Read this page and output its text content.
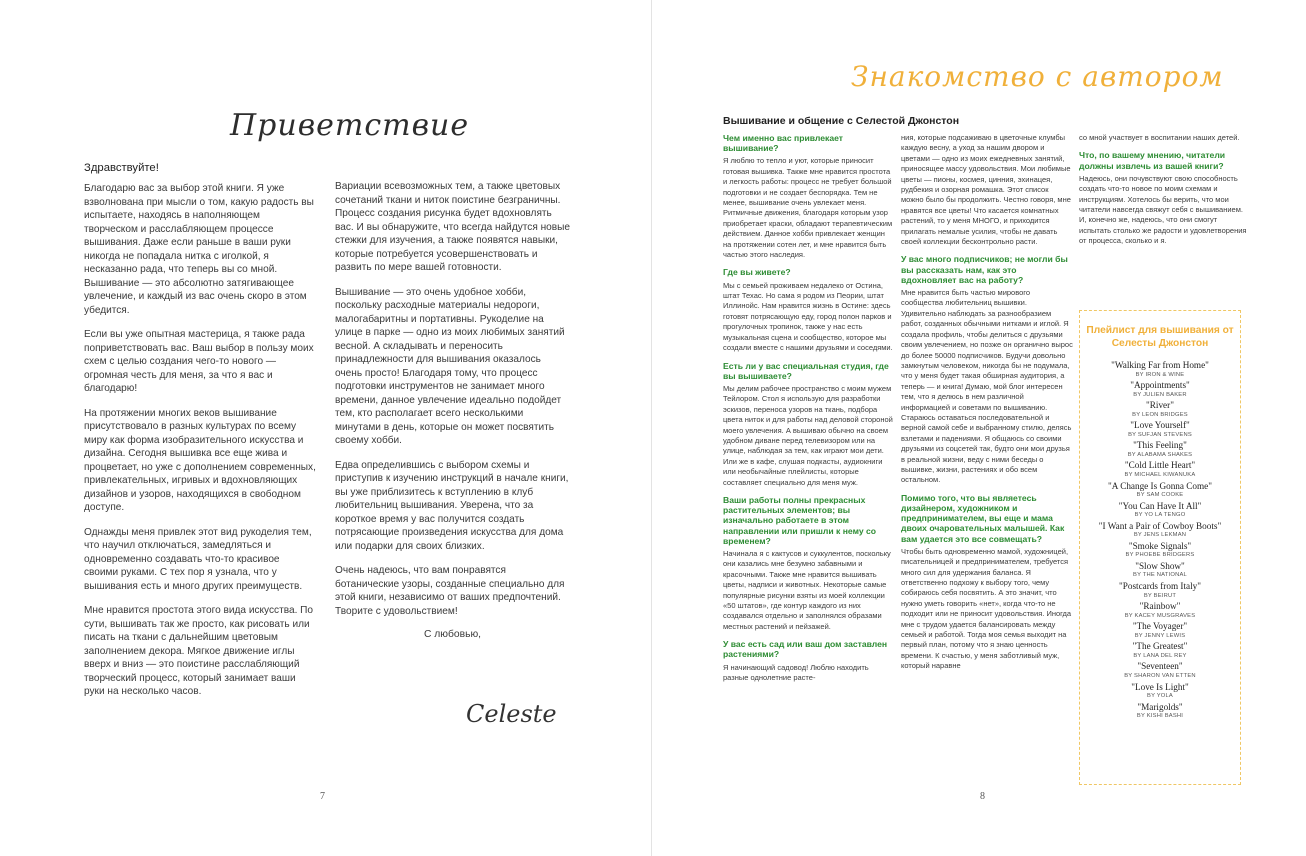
Приветствие
Здравствуйте!

Благодарю вас за выбор этой книги. Я уже взволнована при мысли о том, какую радость вы испытаете, находясь в наполняющем творческом и расслабляющем процессе вышивания. Даже если раньше в ваши руки никогда не попадала нитка с иголкой, я несказанно рада, что теперь вы со мной. Вышивание — это абсолютно затягивающее увлечение, и каждый из вас очень скоро в этом убедится.

Если вы уже опытная мастерица, я также рада поприветствовать вас. Ваш выбор в пользу моих схем с целью создания чего-то нового — огромная честь для меня, за что я вас и благодарю!

На протяжении многих веков вышивание присутствовало в разных культурах по всему миру как форма изобразительного искусства и дизайна. Сегодня вышивка все еще жива и процветает, но уже с дополнением современных, привлекательных, игривых и вдохновляющих дизайнов и узоров, находящихся в свободном доступе.

Однажды меня привлек этот вид рукоделия тем, что научил отключаться, замедляться и одновременно создавать что-то красивое своими руками. С тех пор я узнала, что у вышивания есть и много других преимуществ.

Мне нравится простота этого вида искусства. По сути, вышивать так же просто, как рисовать или писать на ткани с дальнейшим цветовым заполнением декора. Мягкое движение иглы вверх и вниз — это поистине расслабляющий творческий процесс, который занимает ваши руки на несколько часов.

Вариации всевозможных тем, а также цветовых сочетаний ткани и ниток поистине безграничны. Процесс создания рисунка будет вдохновлять вас. И вы обнаружите, что всегда найдутся новые стежки для изучения, а также появятся навыки, которые потребуется усовершенствовать и развить по мере вашей готовности.

Вышивание — это очень удобное хобби, поскольку расходные материалы недороги, малогабаритны и портативны. Рукоделие на улице в парке — одно из моих любимых занятий весной. А складывать и переносить принадлежности для вышивания оказалось очень просто! Благодаря тому, что процесс подготовки инструментов не занимает много времени, данное увлечение идеально подойдет тем, кто располагает всего несколькими минутами в день, которые он может посвятить своему хобби.

Едва определившись с выбором схемы и приступив к изучению инструкций в начале книги, вы уже приблизитесь к вступлению в клуб любительниц вышивания. Уверена, что за короткое время у вас получится создать потрясающие произведения искусства для дома или подарки для своих близких.

Очень надеюсь, что вам понравятся ботанические узоры, созданные специально для этой книги, независимо от ваших предпочтений. Творите с удовольствием!

С любовью,
Celeste
7
Знакомство с автором
Вышивание и общение с Селестой Джонстон
Чем именно вас привлекает вышивание?
Я люблю то тепло и уют, которые приносит готовая вышивка. Также мне нравится простота и легкость работы: процесс не требует большой подготовки и не создает беспорядка. Тем не менее, вышивание очень увлекает меня. Ритмичные движения, благодаря которым узор приобретает краски, обладают терапевтическим действием. Данное хобби привлекает женщин на протяжении сотен лет, и мне нравится быть частью этого наследия.
Где вы живете?
Мы с семьей проживаем недалеко от Остина, штат Техас. Но сама я родом из Пеории, штат Иллинойс. Нам нравится жизнь в Остине: здесь готовят потрясающую еду, город полон парков и прогулочных тропинок, также у нас есть музыкальная сцена и сообщество, которое мы создали вместе с нашими друзьями и соседями.
Есть ли у вас специальная студия, где вы вышиваете?
Мы делим рабочее пространство с моим мужем Тейлором. Стол я использую для разработки эскизов, переноса узоров на ткань, подбора цвета ниток и для работы над деловой стороной моего увлечения. А вышиваю обычно на своем удобном диване перед телевизором или на улице, наблюдая за тем, как играют мои дети. Или же в кафе, слушая подкасты, аудиокниги или необычайные плейлисты, которые составляет специально для меня муж.
Ваши работы полны прекрасных растительных элементов; вы изначально работаете в этом направлении или пришли к нему со временем?
Начинала я с кактусов и суккулентов, поскольку они казались мне безумно забавными и красочными. Также мне нравится вышивать цветы, надписи и животных. Некоторые самые популярные рисунки взяты из моей коллекции «50 штатов», где контур каждого из них создавался отдельно и заполнялся образами местных растений и пейзажей.
У вас есть сад или ваш дом заставлен растениями?
Я начинающий садовод! Люблю находить разные однолетние расте-
ния, которые подсаживаю в цветочные клумбы каждую весну, а уход за нашим двором и цветами — одно из моих ежедневных занятий, приносящее массу удовольствия. Мои любимые цветы — пионы, космея, цинния, эхинацея, рудбекия и озорная ромашка. Этот список можно было бы продолжить. Честно говоря, мне нравятся все цветы! Что касается комнатных растений, то у меня МНОГО, и приходится прилагать немалые усилия, чтобы не давать своей коллекции бесконтрольно расти.
У вас много подписчиков; не могли бы вы рассказать нам, как это вдохновляет вас на работу?
Мне нравится быть частью мирового сообщества любительниц вышивки. Удивительно наблюдать за разнообразием работ, созданных обычными нитками и иглой. Я создала профиль, чтобы делиться с друзьями своим увлечением, но позже он органично вырос до более 50000 подписчиков. Будучи довольно замкнутым человеком, никогда бы не подумала, что у меня будет такая обширная аудитория, а теперь — и книга! Думаю, мой блог интересен тем, что я делюсь в нем различной информацией и советами по вышиванию. Стараюсь оставаться последовательной и верной самой себе и выбранному стилю, делясь взлетами и падениями. Я общаюсь со своими друзьями из соцсетей так, будто они мои друзья в реальной жизни, веду с ними беседы о вышивке, жизни, растениях и обо всем остальном.
Помимо того, что вы являетесь дизайнером, художником и предпринимателем, вы еще и мама двоих очаровательных малышей. Как вам удается это все совмещать?
Чтобы быть одновременно мамой, художницей, писательницей и предпринимателем, требуется много сил для удержания баланса. Я ответственно подхожу к выбору того, чему собираюсь себя посвятить. А это значит, что нужно уметь говорить «нет», когда что-то не подходит или не приносит удовольствия. Иногда мне с трудом удается балансировать между семьей и работой. Тогда моя семья выходит на первый план, потому что я знаю ценность времени. К счастью, у меня заботливый муж, который наравне
со мной участвует в воспитании наших детей.
Что, по вашему мнению, читатели должны извлечь из вашей книги?
Надеюсь, они почувствуют свою способность создать что-то новое по моим схемам и инструкциям. Хотелось бы верить, что мои читатели навсегда свяжут себя с вышиванием. И, конечно же, надеюсь, что они смогут испытать столько же радости и удовлетворения от процесса, сколько и я.
Плейлист для вышивания от Селесты Джонстон
"Walking Far from Home"
BY IRON & WINE
"Appointments"
BY JULIEN BAKER
"River"
BY LEON BRIDGES
"Love Yourself"
BY SUFJAN STEVENS
"This Feeling"
BY ALABAMA SHAKES
"Cold Little Heart"
BY MICHAEL KIWANUKA
"A Change Is Gonna Come"
BY SAM COOKE
"You Can Have It All"
BY YO LA TENGO
"I Want a Pair of Cowboy Boots"
BY JENS LEKMAN
"Smoke Signals"
BY PHOEBE BRIDGERS
"Slow Show"
BY THE NATIONAL
"Postcards from Italy"
BY BEIRUT
"Rainbow"
BY KACEY MUSGRAVES
"The Voyager"
BY JENNY LEWIS
"The Greatest"
BY LANA DEL REY
"Seventeen"
BY SHARON VAN ETTEN
"Love Is Light"
BY YOLA
"Marigolds"
BY KISHI BASHI
8
